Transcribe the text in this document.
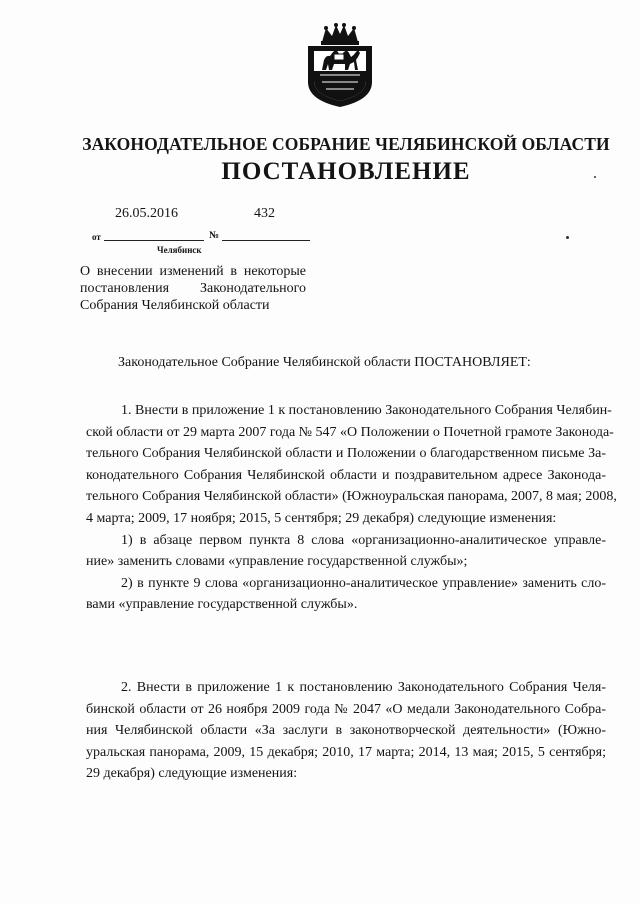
ЗАКОНОДАТЕЛЬНОЕ СОБРАНИЕ ЧЕЛЯБИНСКОЙ ОБЛАСТИ
ПОСТАНОВЛЕНИЕ
26.05.2016	432
от	№
Челябинск
О внесении изменений в некоторые
постановления Законодательного
Собрания Челябинской области
Законодательное Собрание Челябинской области ПОСТАНОВЛЯЕТ:
1. Внести в приложение 1 к постановлению Законодательного Собрания Челябин-
ской области от 29 марта 2007 года № 547 «О Положении о Почетной грамоте Законода-
тельного Собрания Челябинской области и Положении о благодарственном письме За-
конодательного Собрания Челябинской области и поздравительном адресе Законода-
тельного Собрания Челябинской области» (Южноуральская панорама, 2007, 8 мая; 2008,
4 марта; 2009, 17 ноября; 2015, 5 сентября; 29 декабря) следующие изменения:
1) в абзаце первом пункта 8 слова «организационно-аналитическое управле-
ние» заменить словами «управление государственной службы»;
2) в пункте 9 слова «организационно-аналитическое управление» заменить сло-
вами «управление государственной службы».
2. Внести в приложение 1 к постановлению Законодательного Собрания Челя-
бинской области от 26 ноября 2009 года № 2047 «О медали Законодательного Собра-
ния Челябинской области «За заслуги в законотворческой деятельности» (Южно-
уральская панорама, 2009, 15 декабря; 2010, 17 марта; 2014, 13 мая; 2015, 5 сентября;
29 декабря) следующие изменения:
